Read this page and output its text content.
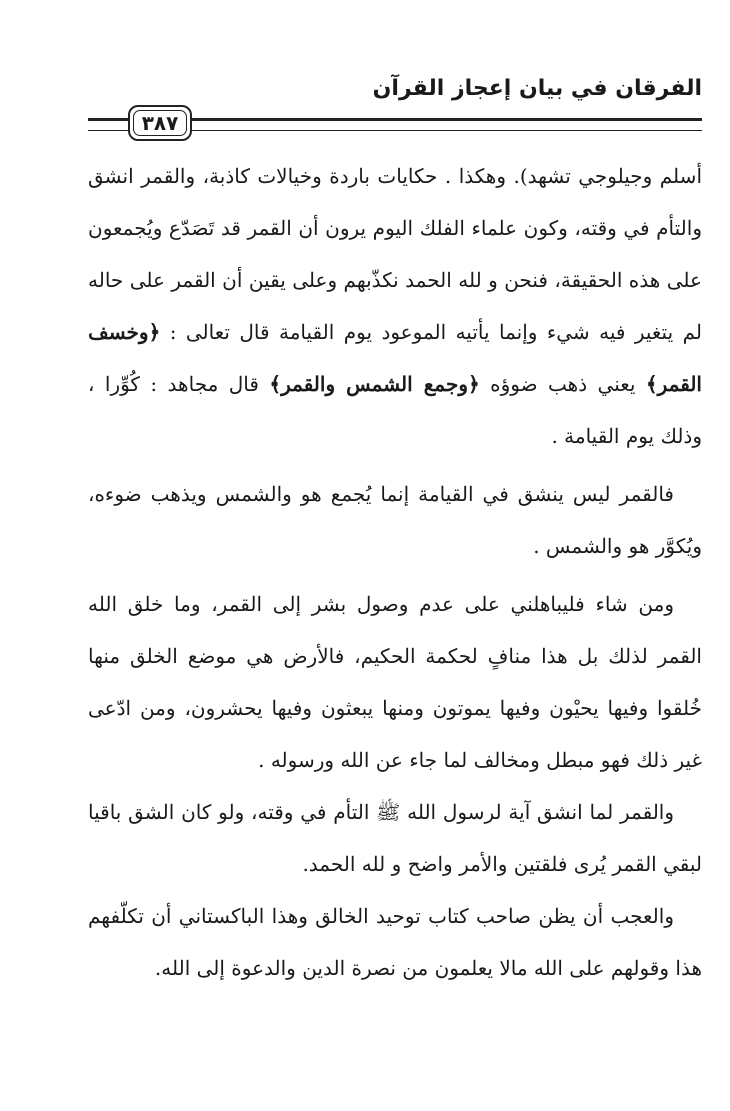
الفرقان في بيان إعجاز القرآن
٣٨٧

أسلم وجيلوجي تشهد). وهكذا . حكايات باردة وخيالات كاذبة، والقمر انشق والتأم في وقته، وكون علماء الفلك اليوم يرون أن القمر قد تَصَدّع ويُجمعون على هذه الحقيقة، فنحن و لله الحمد نكذّبهم وعلى يقين أن القمر على حاله لم يتغير فيه شيء وإنما يأتيه الموعود يوم القيامة قال تعالى : ﴿وخسف القمر﴾ يعني ذهب ضوؤه ﴿وجمع الشمس والقمر﴾ قال مجاهد : كُوِّرا ، وذلك يوم القيامة .

فالقمر ليس ينشق في القيامة إنما يُجمع هو والشمس ويذهب ضوءه، ويُكوَّر هو والشمس .

ومن شاء فليباهلني على عدم وصول بشر إلى القمر، وما خلق الله القمر لذلك بل هذا منافٍ لحكمة الحكيم، فالأرض هي موضع الخلق منها خُلقوا وفيها يحيْون وفيها يموتون ومنها يبعثون وفيها يحشرون، ومن ادّعى غير ذلك فهو مبطل ومخالف لما جاء عن الله ورسوله .

والقمر لما انشق آية لرسول الله ﷺ التأم في وقته، ولو كان الشق باقيا لبقي القمر يُرى فلقتين والأمر واضح و لله الحمد.

والعجب أن يظن صاحب كتاب توحيد الخالق وهذا الباكستاني أن تكلّفهم هذا وقولهم على الله مالا يعلمون من نصرة الدين والدعوة إلى الله.
